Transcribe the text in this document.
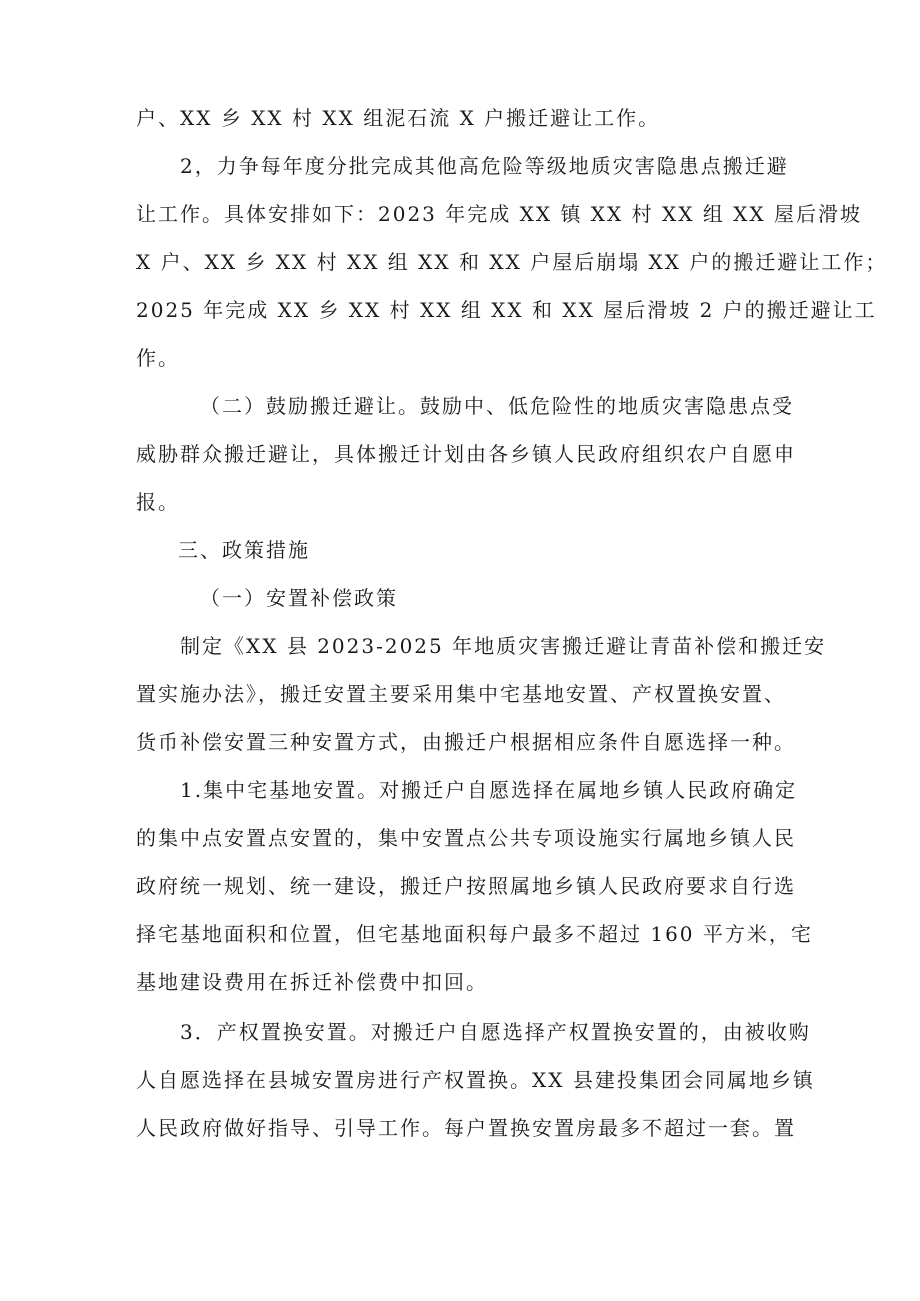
户、XX 乡 XX 村 XX 组泥石流 X 户搬迁避让工作。
2，力争每年度分批完成其他高危险等级地质灾害隐患点搬迁避
让工作。具体安排如下：2023 年完成 XX 镇 XX 村 XX 组 XX 屋后滑坡
X 户、XX 乡 XX 村 XX 组 XX 和 XX 户屋后崩塌 XX 户的搬迁避让工作；
2025 年完成 XX 乡 XX 村 XX 组 XX 和 XX 屋后滑坡 2 户的搬迁避让工
作。
（二）鼓励搬迁避让。鼓励中、低危险性的地质灾害隐患点受
威胁群众搬迁避让，具体搬迁计划由各乡镇人民政府组织农户自愿申
报。
三、政策措施
（一）安置补偿政策
制定《XX 县 2023-2025 年地质灾害搬迁避让青苗补偿和搬迁安
置实施办法》，搬迁安置主要采用集中宅基地安置、产权置换安置、
货币补偿安置三种安置方式，由搬迁户根据相应条件自愿选择一种。
1.集中宅基地安置。对搬迁户自愿选择在属地乡镇人民政府确定
的集中点安置点安置的，集中安置点公共专项设施实行属地乡镇人民
政府统一规划、统一建设，搬迁户按照属地乡镇人民政府要求自行选
择宅基地面积和位置，但宅基地面积每户最多不超过 160 平方米，宅
基地建设费用在拆迁补偿费中扣回。
3．产权置换安置。对搬迁户自愿选择产权置换安置的，由被收购
人自愿选择在县城安置房进行产权置换。XX 县建投集团会同属地乡镇
人民政府做好指导、引导工作。每户置换安置房最多不超过一套。置
